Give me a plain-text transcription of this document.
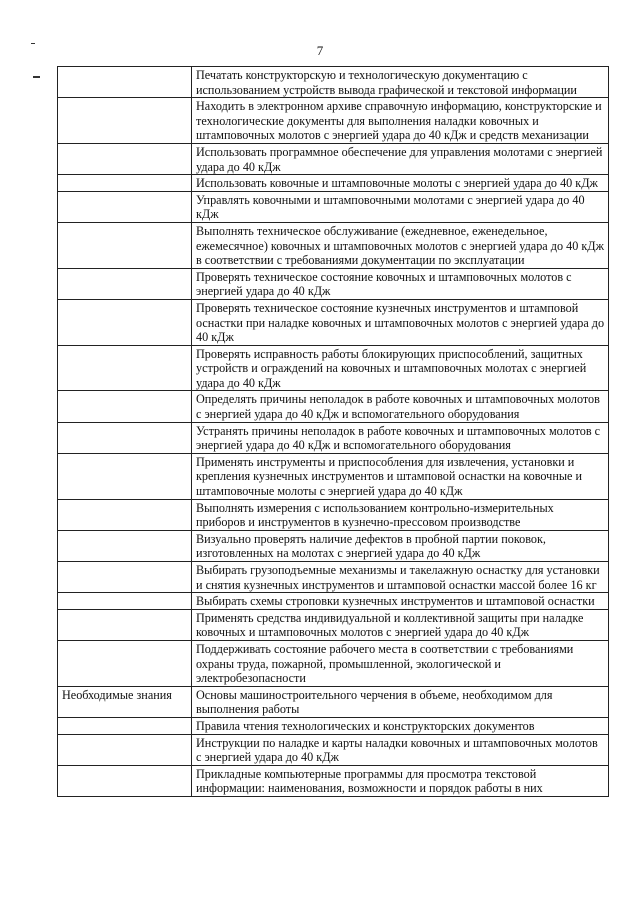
7
	Печатать конструкторскую и технологическую документацию с использованием устройств вывода графической и текстовой информации
	Находить в электронном архиве справочную информацию, конструкторские и технологические документы для выполнения наладки ковочных и штамповочных молотов с энергией удара до 40 кДж и средств механизации
	Использовать программное обеспечение для управления молотами с энергией удара до 40 кДж
	Использовать ковочные и штамповочные молоты с энергией удара до 40 кДж
	Управлять ковочными и штамповочными молотами с энергией удара до 40 кДж
	Выполнять техническое обслуживание (ежедневное, еженедельное, ежемесячное) ковочных и штамповочных молотов с энергией удара до 40 кДж в соответствии с требованиями документации по эксплуатации
	Проверять техническое состояние ковочных и штамповочных молотов с энергией удара до 40 кДж
	Проверять техническое состояние кузнечных инструментов и штамповой оснастки при наладке ковочных и штамповочных молотов с энергией удара до 40 кДж
	Проверять исправность работы блокирующих приспособлений, защитных устройств и ограждений на ковочных и штамповочных молотах с энергией удара до 40 кДж
	Определять причины неполадок в работе ковочных и штамповочных молотов с энергией удара до 40 кДж и вспомогательного оборудования
	Устранять причины неполадок в работе ковочных и штамповочных молотов с энергией удара до 40 кДж и вспомогательного оборудования
	Применять инструменты и приспособления для извлечения, установки и крепления кузнечных инструментов и штамповой оснастки на ковочные и штамповочные молоты с энергией удара до 40 кДж
	Выполнять измерения с использованием контрольно-измерительных приборов и инструментов в кузнечно-прессовом производстве
	Визуально проверять наличие дефектов в пробной партии поковок, изготовленных на молотах с энергией удара до 40 кДж
	Выбирать грузоподъемные механизмы и такелажную оснастку для установки и снятия кузнечных инструментов и штамповой оснастки массой более 16 кг
	Выбирать схемы строповки кузнечных инструментов и штамповой оснастки
	Применять средства индивидуальной и коллективной защиты при наладке ковочных и штамповочных молотов с энергией удара до 40 кДж
	Поддерживать состояние рабочего места в соответствии с требованиями охраны труда, пожарной, промышленной, экологической и электробезопасности
Необходимые знания	Основы машиностроительного черчения в объеме, необходимом для выполнения работы
	Правила чтения технологических и конструкторских документов
	Инструкции по наладке и карты наладки ковочных и штамповочных молотов с энергией удара до 40 кДж
	Прикладные компьютерные программы для просмотра текстовой информации: наименования, возможности и порядок работы в них
